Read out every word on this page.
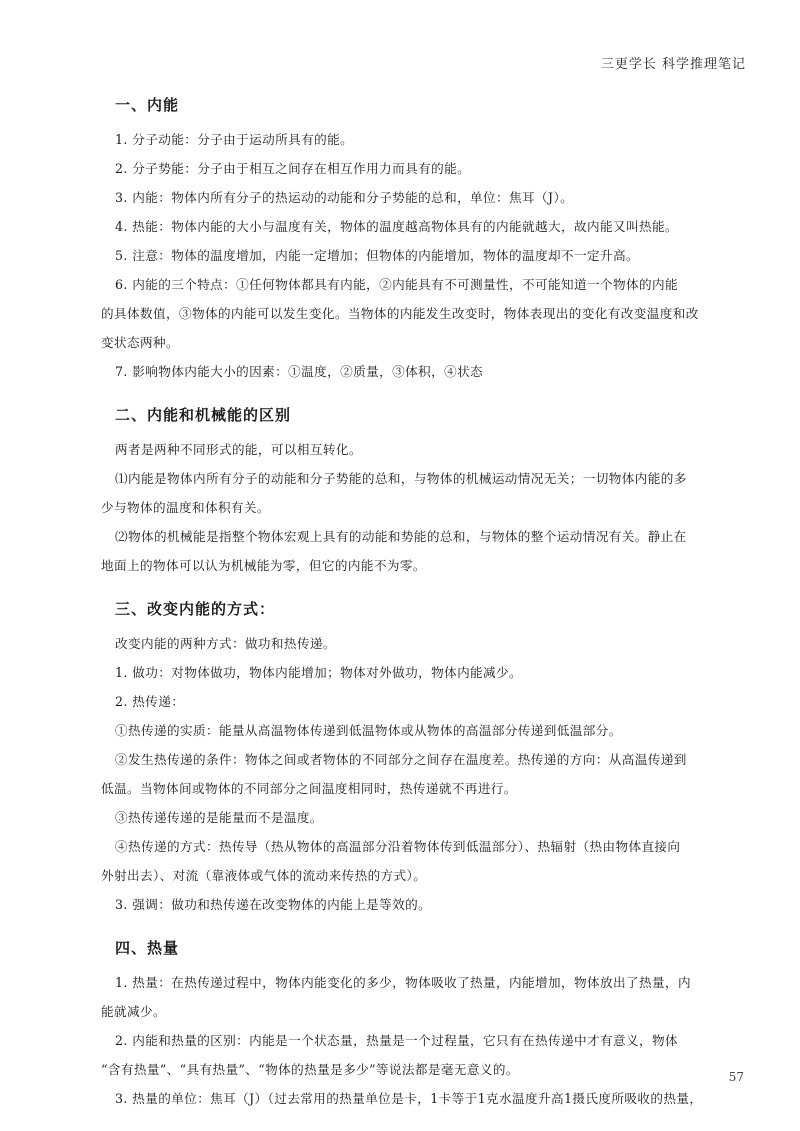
三更学长 科学推理笔记
一、内能

1. 分子动能：分子由于运动所具有的能。

2. 分子势能：分子由于相互之间存在相互作用力而具有的能。

3. 内能：物体内所有分子的热运动的动能和分子势能的总和，单位：焦耳（J）。

4. 热能：物体内能的大小与温度有关，物体的温度越高物体具有的内能就越大，故内能又叫热能。

5. 注意：物体的温度增加，内能一定增加；但物体的内能增加，物体的温度却不一定升高。

6. 内能的三个特点：①任何物体都具有内能，②内能具有不可测量性，不可能知道一个物体的内能
的具体数值，③物体的内能可以发生变化。当物体的内能发生改变时，物体表现出的变化有改变温度和改
变状态两种。

7. 影响物体内能大小的因素：①温度，②质量，③体积，④状态

二、内能和机械能的区别

两者是两种不同形式的能，可以相互转化。

⑴内能是物体内所有分子的动能和分子势能的总和，与物体的机械运动情况无关；一切物体内能的多
少与物体的温度和体积有关。

⑵物体的机械能是指整个物体宏观上具有的动能和势能的总和，与物体的整个运动情况有关。静止在
地面上的物体可以认为机械能为零，但它的内能不为零。

三、改变内能的方式：

改变内能的两种方式：做功和热传递。

1. 做功：对物体做功，物体内能增加；物体对外做功，物体内能减少。

2. 热传递：

①热传递的实质：能量从高温物体传递到低温物体或从物体的高温部分传递到低温部分。

②发生热传递的条件：物体之间或者物体的不同部分之间存在温度差。热传递的方向：从高温传递到
低温。当物体间或物体的不同部分之间温度相同时，热传递就不再进行。

③热传递传递的是能量而不是温度。

④热传递的方式：热传导（热从物体的高温部分沿着物体传到低温部分）、热辐射（热由物体直接向
外射出去）、对流（靠液体或气体的流动来传热的方式）。

3. 强调：做功和热传递在改变物体的内能上是等效的。

四、热量

1. 热量：在热传递过程中，物体内能变化的多少，物体吸收了热量，内能增加，物体放出了热量，内
能就减少。

2. 内能和热量的区别：内能是一个状态量，热量是一个过程量，它只有在热传递中才有意义，物体
“含有热量”、“具有热量”、“物体的热量是多少”等说法都是毫无意义的。

3. 热量的单位：焦耳（J）（过去常用的热量单位是卡，1卡等于1克水温度升高1摄氏度所吸收的热量，

57
